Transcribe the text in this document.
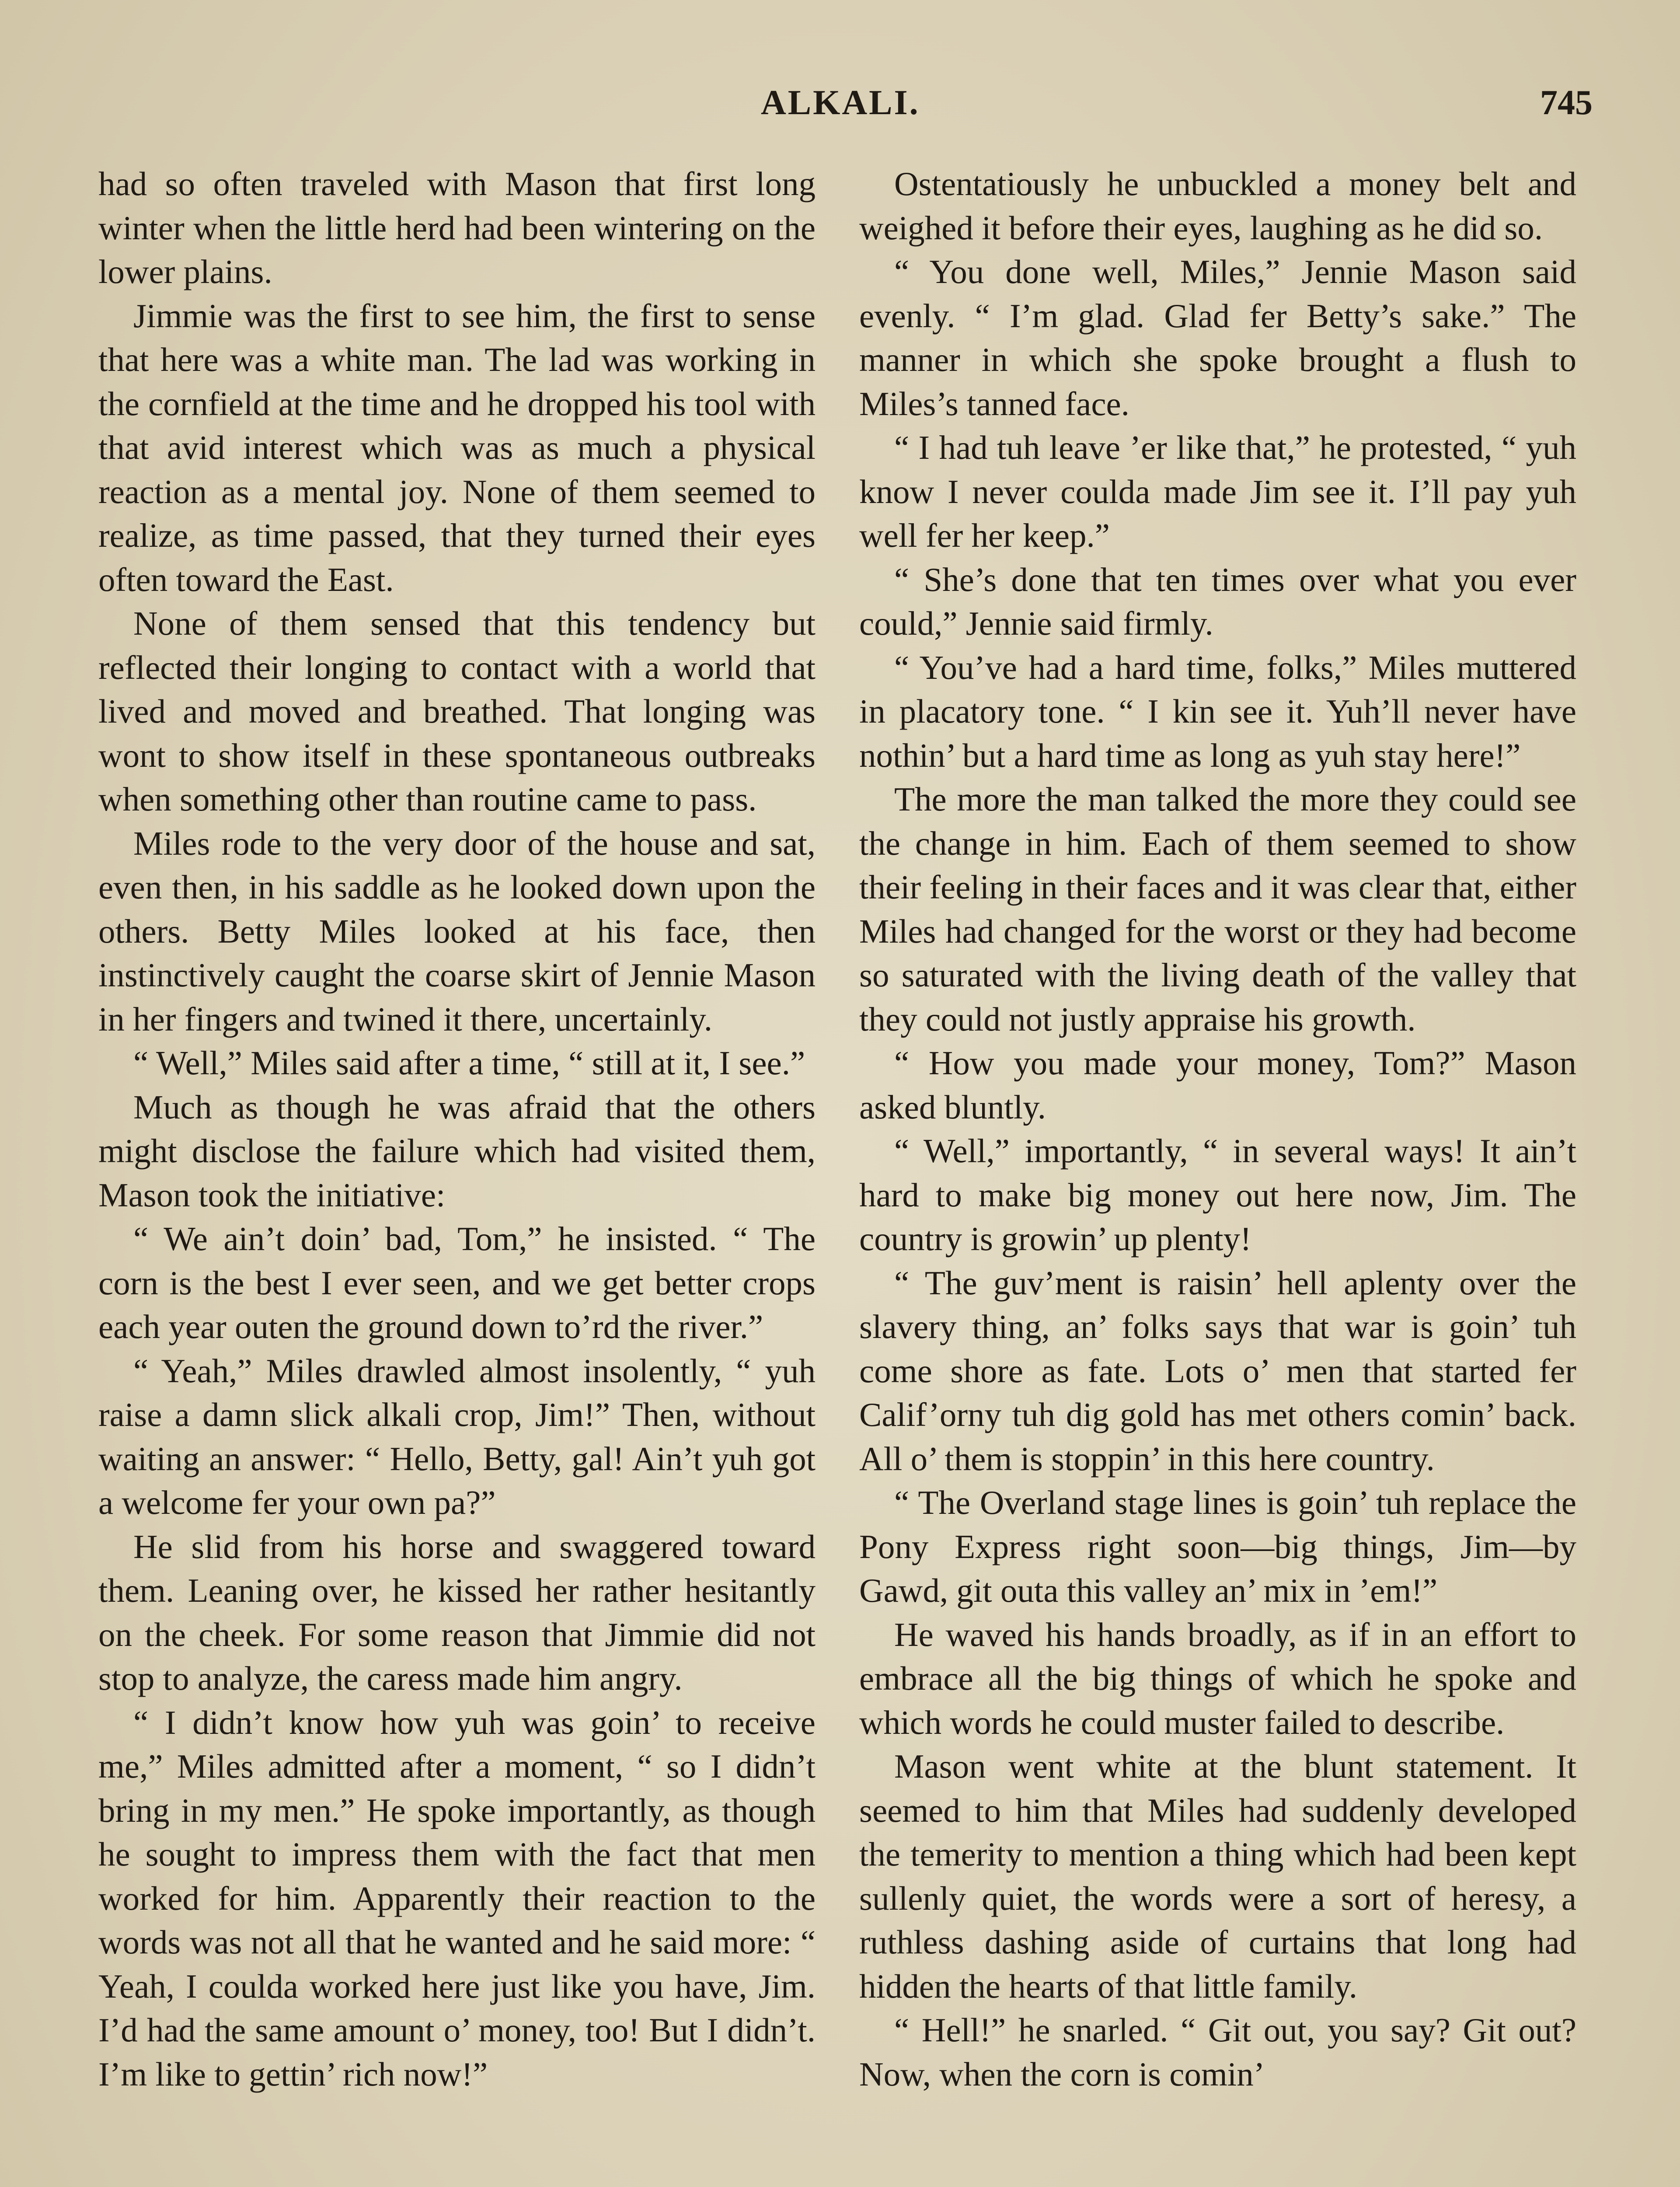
ALKALI.	745

had so often traveled with Mason that first long winter when the little herd had been wintering on the lower plains.

Jimmie was the first to see him, the first to sense that here was a white man. The lad was working in the cornfield at the time and he dropped his tool with that avid interest which was as much a physical reaction as a mental joy. None of them seemed to realize, as time passed, that they turned their eyes often toward the East.

None of them sensed that this tendency but reflected their longing to contact with a world that lived and moved and breathed. That longing was wont to show itself in these spontaneous outbreaks when something other than routine came to pass.

Miles rode to the very door of the house and sat, even then, in his saddle as he looked down upon the others. Betty Miles looked at his face, then instinctively caught the coarse skirt of Jennie Mason in her fingers and twined it there, uncertainly.

“ Well,” Miles said after a time, “ still at it, I see.”

Much as though he was afraid that the others might disclose the failure which had visited them, Mason took the initiative:

“ We ain’t doin’ bad, Tom,” he insisted. “ The corn is the best I ever seen, and we get better crops each year outen the ground down to’rd the river.”

“ Yeah,” Miles drawled almost insolently, “ yuh raise a damn slick alkali crop, Jim!” Then, without waiting an answer: “ Hello, Betty, gal! Ain’t yuh got a welcome fer your own pa?”

He slid from his horse and swaggered toward them. Leaning over, he kissed her rather hesitantly on the cheek. For some reason that Jimmie did not stop to analyze, the caress made him angry.

“ I didn’t know how yuh was goin’ to receive me,” Miles admitted after a moment, “ so I didn’t bring in my men.” He spoke importantly, as though he sought to impress them with the fact that men worked for him. Apparently their reaction to the words was not all that he wanted and he said more: “ Yeah, I coulda worked here just like you have, Jim. I’d had the same amount o’ money, too! But I didn’t. I’m like to gettin’ rich now!”

Ostentatiously he unbuckled a money belt and weighed it before their eyes, laughing as he did so.

“ You done well, Miles,” Jennie Mason said evenly. “ I’m glad. Glad fer Betty’s sake.” The manner in which she spoke brought a flush to Miles’s tanned face.

“ I had tuh leave ’er like that,” he protested, “ yuh know I never coulda made Jim see it. I’ll pay yuh well fer her keep.”

“ She’s done that ten times over what you ever could,” Jennie said firmly.

“ You’ve had a hard time, folks,” Miles muttered in placatory tone. “ I kin see it. Yuh’ll never have nothin’ but a hard time as long as yuh stay here!”

The more the man talked the more they could see the change in him. Each of them seemed to show their feeling in their faces and it was clear that, either Miles had changed for the worst or they had become so saturated with the living death of the valley that they could not justly appraise his growth.

“ How you made your money, Tom?” Mason asked bluntly.

“ Well,” importantly, “ in several ways! It ain’t hard to make big money out here now, Jim. The country is growin’ up plenty!

“ The guv’ment is raisin’ hell aplenty over the slavery thing, an’ folks says that war is goin’ tuh come shore as fate. Lots o’ men that started fer Calif’orny tuh dig gold has met others comin’ back. All o’ them is stoppin’ in this here country.

“ The Overland stage lines is goin’ tuh replace the Pony Express right soon—big things, Jim—by Gawd, git outa this valley an’ mix in ’em!”

He waved his hands broadly, as if in an effort to embrace all the big things of which he spoke and which words he could muster failed to describe.

Mason went white at the blunt statement. It seemed to him that Miles had suddenly developed the temerity to mention a thing which had been kept sullenly quiet, the words were a sort of heresy, a ruthless dashing aside of curtains that long had hidden the hearts of that little family.

“ Hell!” he snarled. “ Git out, you say? Git out? Now, when the corn is comin’
